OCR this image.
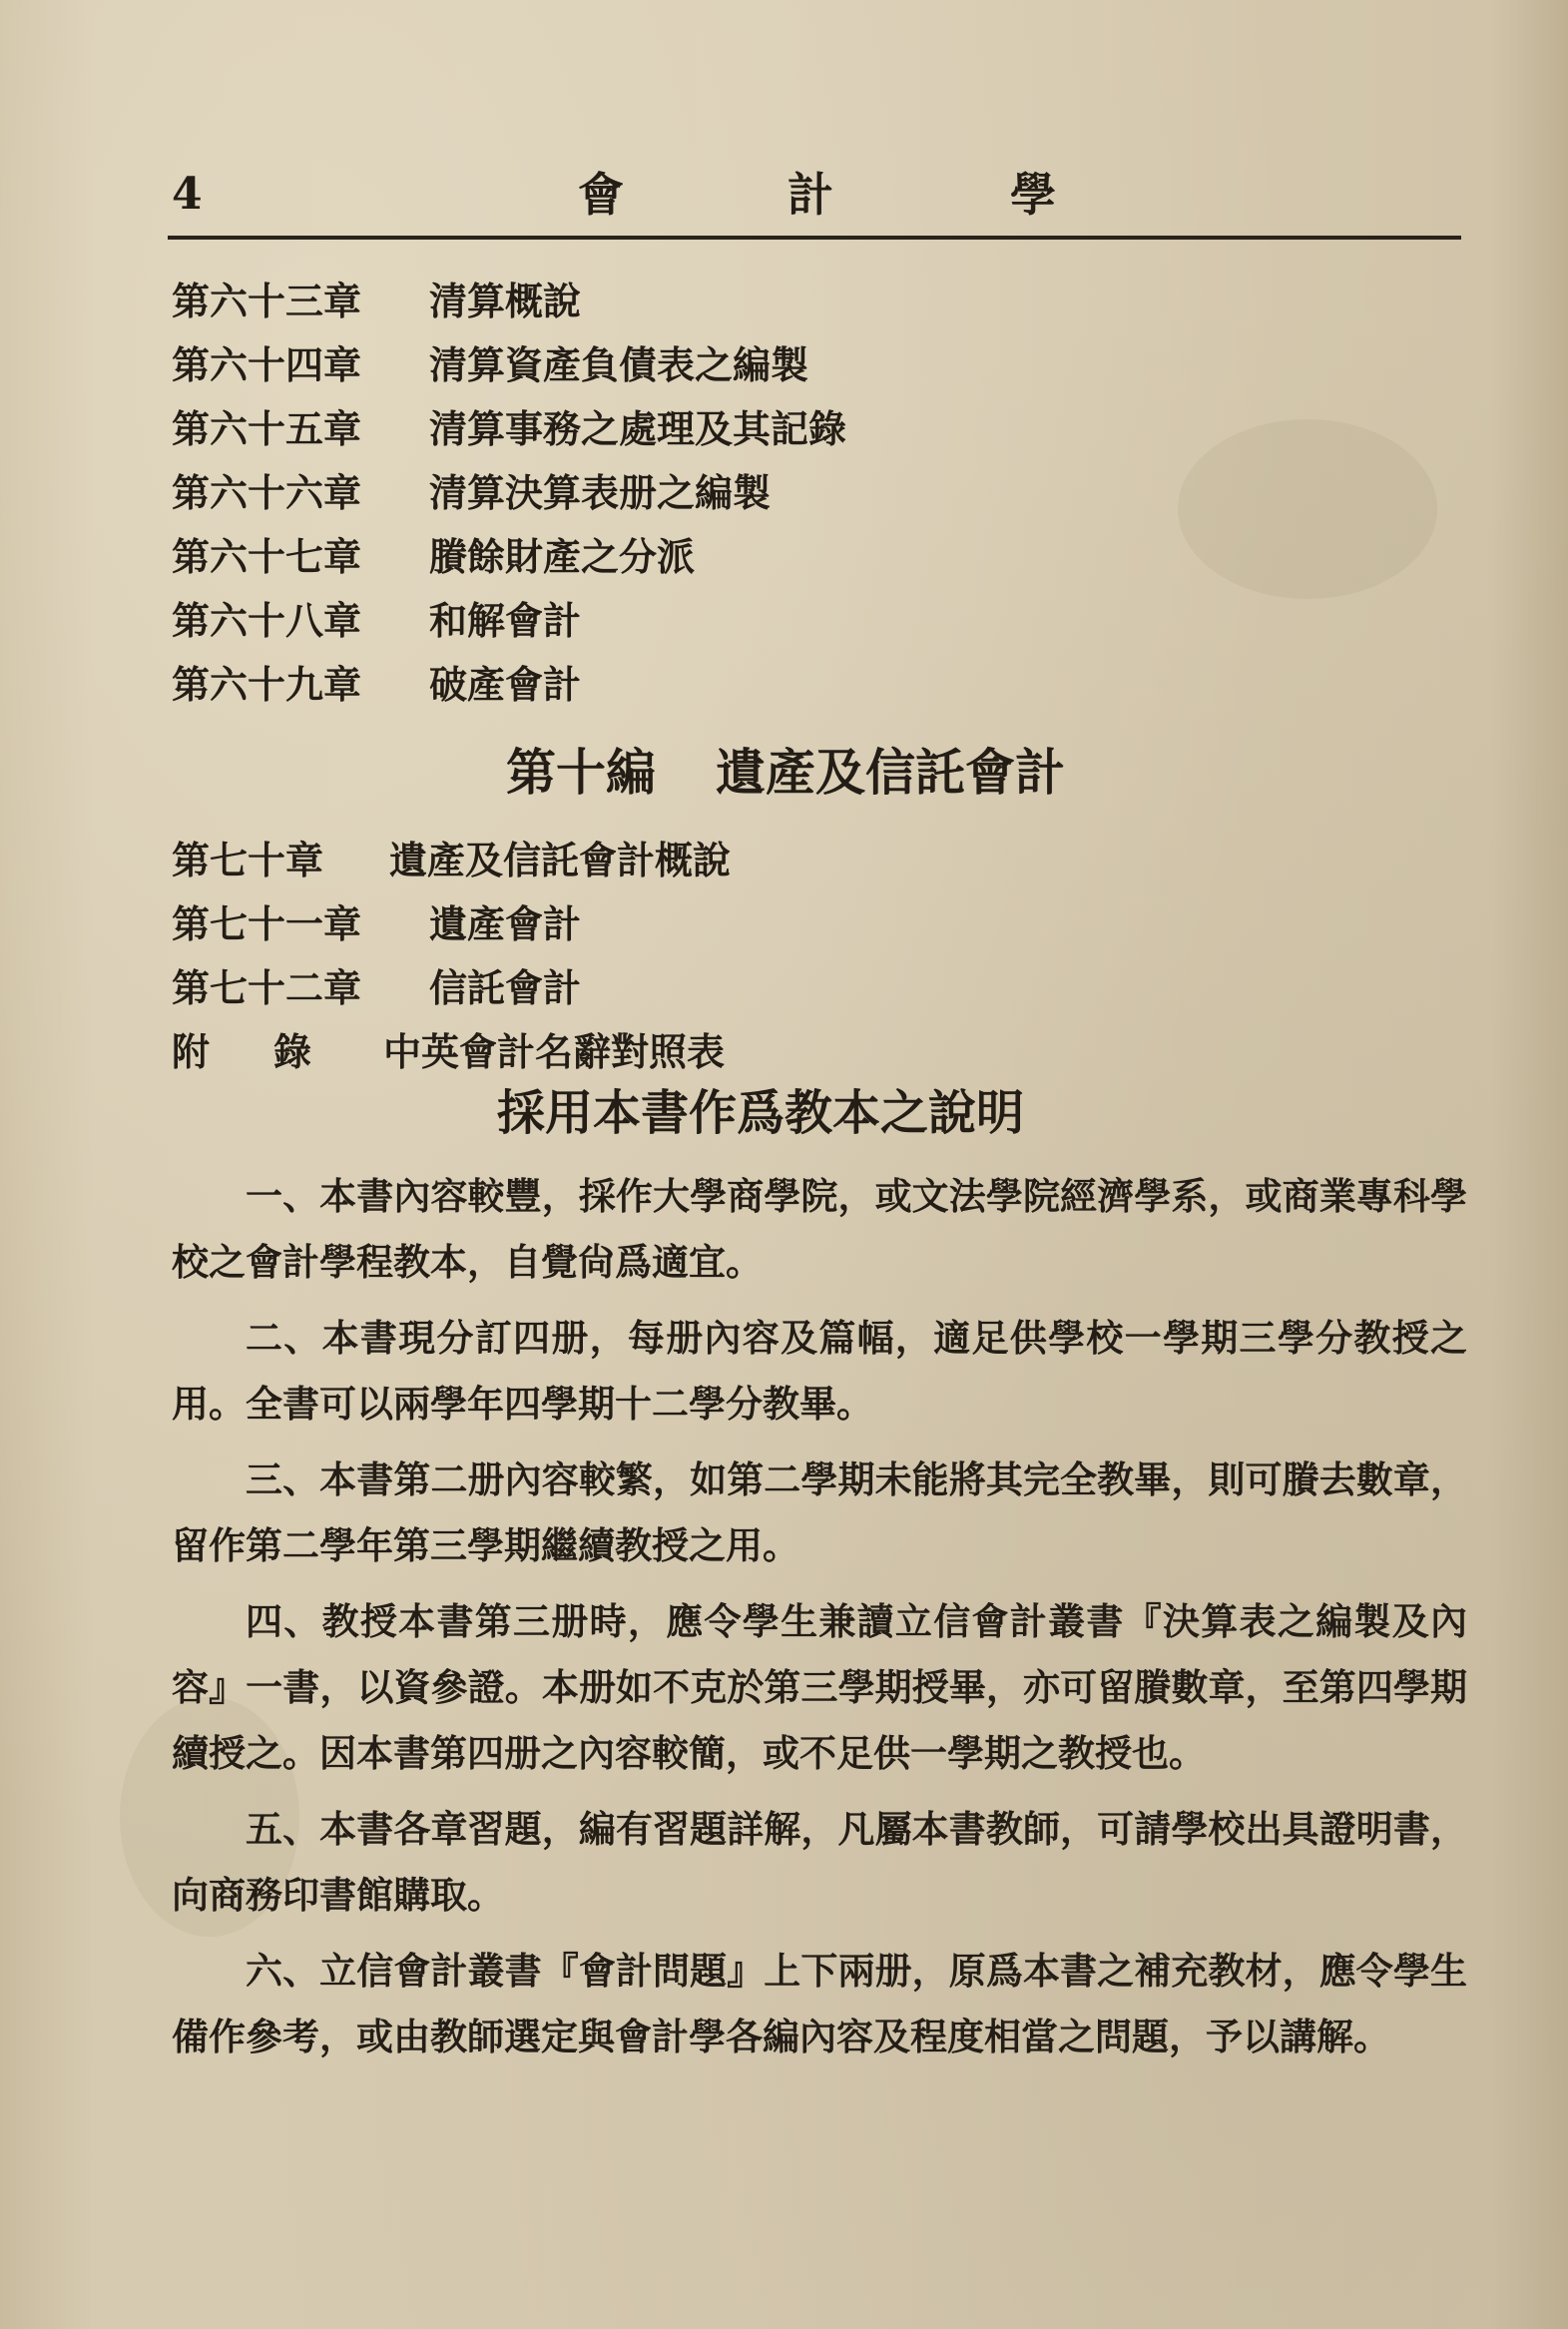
4	會	計	學
第六十三章 清算概說
第六十四章 清算資產負債表之編製
第六十五章 清算事務之處理及其記錄
第六十六章 清算決算表册之編製
第六十七章 賸餘財產之分派
第六十八章 和解會計
第六十九章 破產會計
第十編 遺產及信託會計
第七十章 遺產及信託會計概說
第七十一章 遺產會計
第七十二章 信託會計
附錄 中英會計名辭對照表
採用本書作爲教本之說明

一、本書內容較豐，採作大學商學院，或文法學院經濟學系，或商業專科學校之會計學程教本，自覺尙爲適宜。

二、本書現分訂四册，每册內容及篇幅，適足供學校一學期三學分教授之用。全書可以兩學年四學期十二學分教畢。

三、本書第二册內容較繁，如第二學期未能將其完全教畢，則可賸去數章，留作第二學年第三學期繼續教授之用。

四、教授本書第三册時，應令學生兼讀立信會計叢書『決算表之編製及內容』一書，以資參證。本册如不克於第三學期授畢，亦可留賸數章，至第四學期續授之。因本書第四册之內容較簡，或不足供一學期之教授也。

五、本書各章習題，編有習題詳解，凡屬本書教師，可請學校出具證明書，向商務印書館購取。

六、立信會計叢書『會計問題』上下兩册，原爲本書之補充教材，應令學生備作參考，或由教師選定與會計學各編內容及程度相當之問題，予以講解。
